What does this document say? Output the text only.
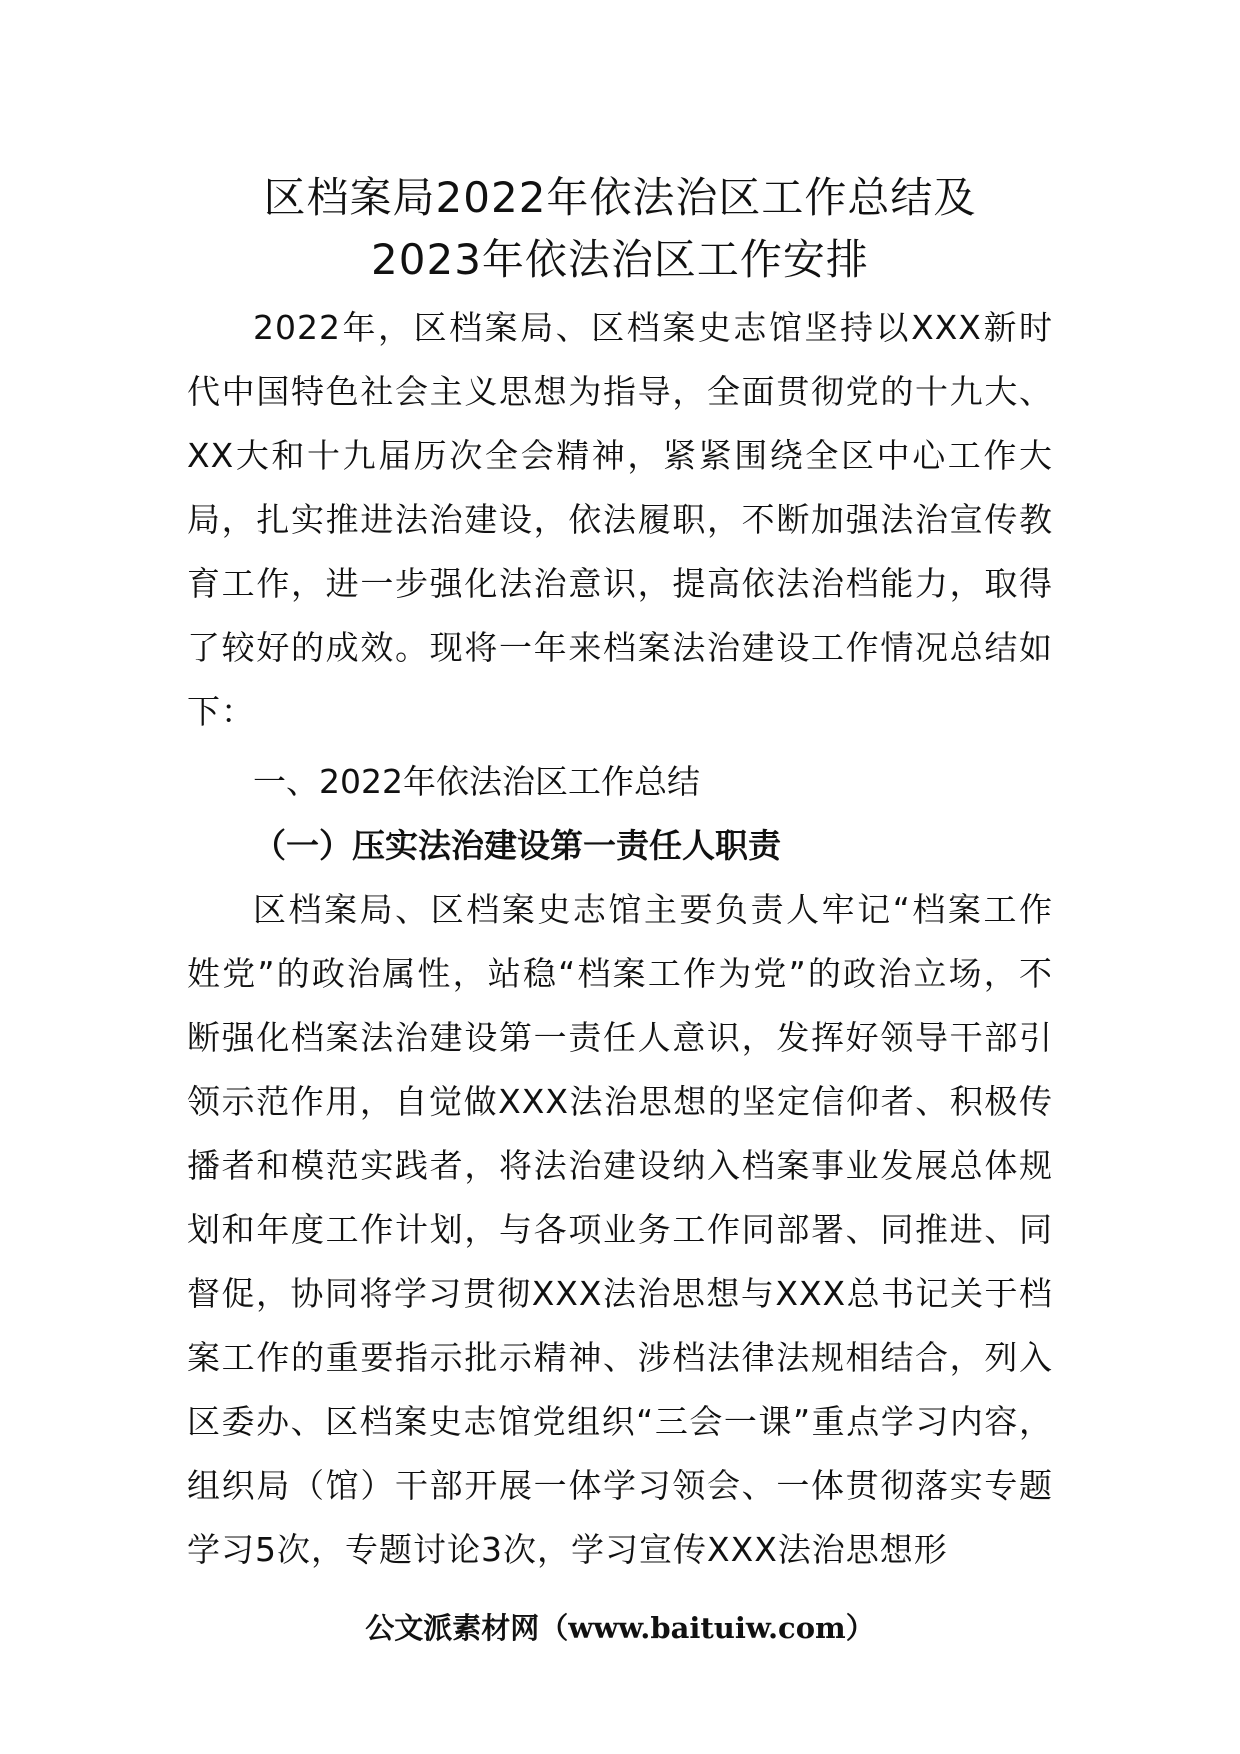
区档案局2022年依法治区工作总结及
2023年依法治区工作安排
2022年，区档案局、区档案史志馆坚持以XXX新时代中国特色社会主义思想为指导，全面贯彻党的十九大、XX大和十九届历次全会精神，紧紧围绕全区中心工作大局，扎实推进法治建设，依法履职，不断加强法治宣传教育工作，进一步强化法治意识，提高依法治档能力，取得了较好的成效。现将一年来档案法治建设工作情况总结如下：
一、2022年依法治区工作总结
（一）压实法治建设第一责任人职责
区档案局、区档案史志馆主要负责人牢记“档案工作姓党”的政治属性，站稳“档案工作为党”的政治立场，不断强化档案法治建设第一责任人意识，发挥好领导干部引领示范作用，自觉做XXX法治思想的坚定信仰者、积极传播者和模范实践者，将法治建设纳入档案事业发展总体规划和年度工作计划，与各项业务工作同部署、同推进、同督促，协同将学习贯彻XXX法治思想与XXX总书记关于档案工作的重要指示批示精神、涉档法律法规相结合，列入区委办、区档案史志馆党组织“三会一课”重点学习内容，组织局（馆）干部开展一体学习领会、一体贯彻落实专题学习5次，专题讨论3次，学习宣传XXX法治思想形
公文派素材网（www.baituiw.com）
